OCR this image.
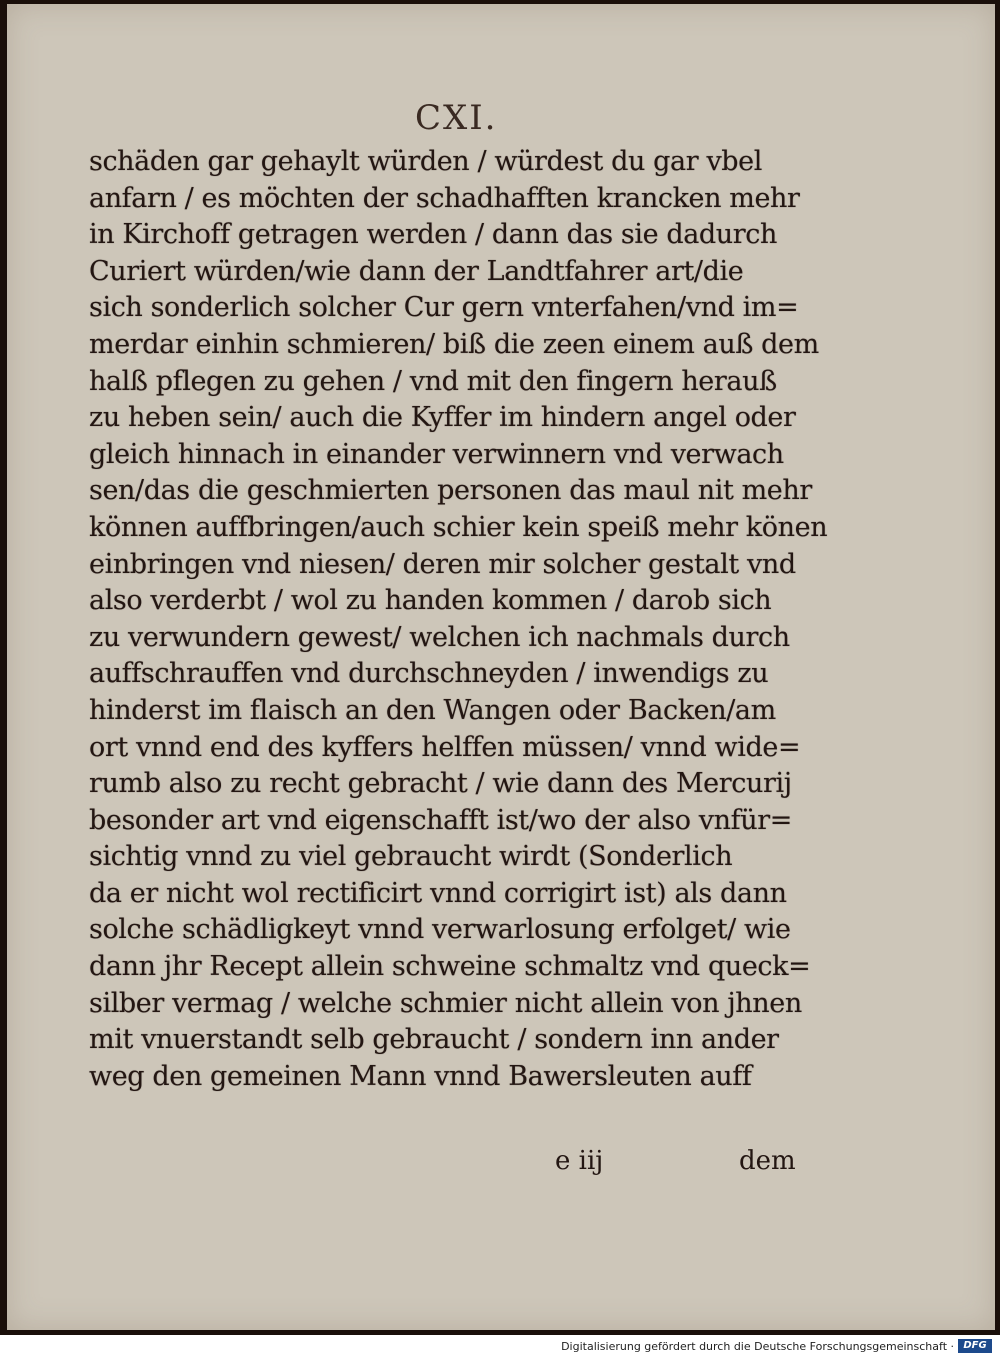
CXI.
schäden gar gehaylt würden / würdest du gar vbel
anfarn / es möchten der schadhafften krancken mehr
in Kirchoff getragen werden / dann das sie dadurch
Curiert würden/wie dann der Landtfahrer art/die
sich sonderlich solcher Cur gern vnterfahen/vnd im=
merdar einhin schmieren/ biß die zeen einem auß dem
halß pflegen zu gehen / vnd mit den fingern herauß
zu heben sein/ auch die Kyffer im hindern angel oder
gleich hinnach in einander verwinnern vnd verwach
sen/das die geschmierten personen das maul nit mehr
können auffbringen/auch schier kein speiß mehr könen
einbringen vnd niesen/ deren mir solcher gestalt vnd
also verderbt / wol zu handen kommen / darob sich
zu verwundern gewest/ welchen ich nachmals durch
auffschrauffen vnd durchschneyden / inwendigs zu
hinderst im flaisch an den Wangen oder Backen/am
ort vnnd end des kyffers helffen müssen/ vnnd wide=
rumb also zu recht gebracht / wie dann des Mercurij
besonder art vnd eigenschafft ist/wo der also vnfür=
sichtig vnnd zu viel gebraucht wirdt (Sonderlich
da er nicht wol rectificirt vnnd corrigirt ist) als dann
solche schädligkeyt vnnd verwarlosung erfolget/ wie
dann jhr Recept allein schweine schmaltz vnd queck=
silber vermag / welche schmier nicht allein von jhnen
mit vnuerstandt selb gebraucht / sondern inn ander
weg den gemeinen Mann vnnd Bawersleuten auff
e iij	dem
Digitalisierung gefördert durch die Deutsche Forschungsgemeinschaft · DFG
